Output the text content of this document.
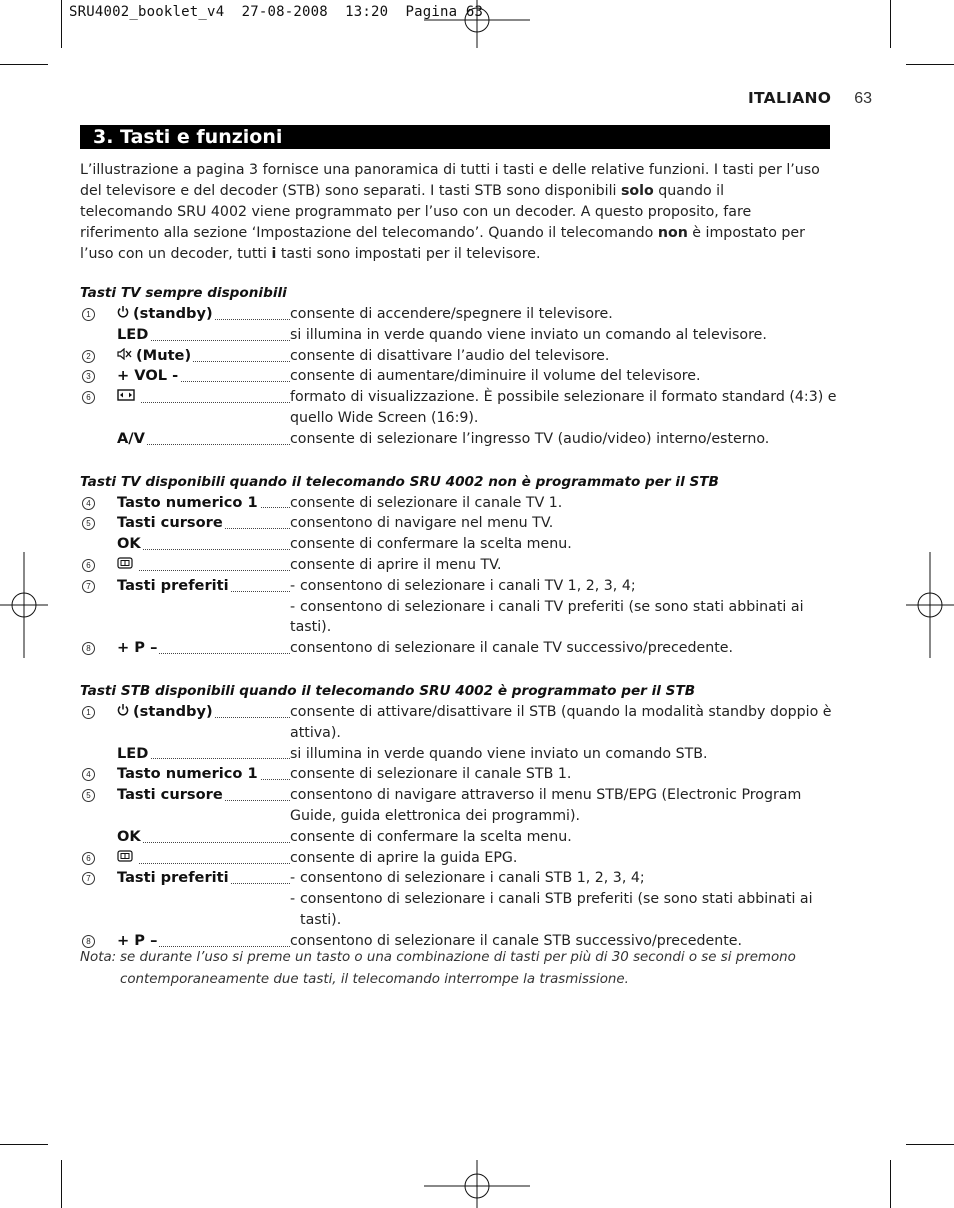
SRU4002_booklet_v4  27-08-2008  13:20  Pagina 63
ITALIANO 63
3. Tasti e funzioni
L’illustrazione a pagina 3 fornisce una panoramica di tutti i tasti e delle relative funzioni. I tasti per l’uso del televisore e del decoder (STB) sono separati. I tasti STB sono disponibili solo quando il telecomando SRU 4002 viene programmato per l’uso con un decoder. A questo proposito, fare riferimento alla sezione ‘Impostazione del telecomando’. Quando il telecomando non è impostato per l’uso con un decoder, tutti i tasti sono impostati per il televisore.
Tasti TV sempre disponibili
1	(standby)	consente di accendere/spegnere il televisore.
LED	si illumina in verde quando viene inviato un comando al televisore.
2	(Mute)	consente di disattivare l’audio del televisore.
3 + VOL -	consente di aumentare/diminuire il volume del televisore.
6	formato di visualizzazione. È possibile selezionare il formato standard (4:3) e
quello Wide Screen (16:9).
A/V	consente di selezionare l’ingresso TV (audio/video) interno/esterno.
Tasti TV disponibili quando il telecomando SRU 4002 non è programmato per il STB
4 Tasto numerico 1	consente di selezionare il canale TV 1.
5 Tasti cursore	consentono di navigare nel menu TV.
OK	consente di confermare la scelta menu.
6	consente di aprire il menu TV.
7 Tasti preferiti	- consentono di selezionare i canali TV 1, 2, 3, 4;
- consentono di selezionare i canali TV preferiti (se sono stati abbinati ai tasti).
8 + P –	consentono di selezionare il canale TV successivo/precedente.
Tasti STB disponibili quando il telecomando SRU 4002 è programmato per il STB
1	(standby)	consente di attivare/disattivare il STB (quando la modalità standby doppio è
attiva).
LED	si illumina in verde quando viene inviato un comando STB.
4 Tasto numerico 1	consente di selezionare il canale STB 1.
5 Tasti cursore	consentono di navigare attraverso il menu STB/EPG (Electronic Program
Guide, guida elettronica dei programmi).
OK	consente di confermare la scelta menu.
6	consente di aprire la guida EPG.
7 Tasti preferiti	- consentono di selezionare i canali STB 1, 2, 3, 4;
- consentono di selezionare i canali STB preferiti (se sono stati abbinati ai
tasti).
8 + P –	consentono di selezionare il canale STB successivo/precedente.
Nota: se durante l’uso si preme un tasto o una combinazione di tasti per più di 30 secondi o se si premono
contemporaneamente due tasti, il telecomando interrompe la trasmissione.
